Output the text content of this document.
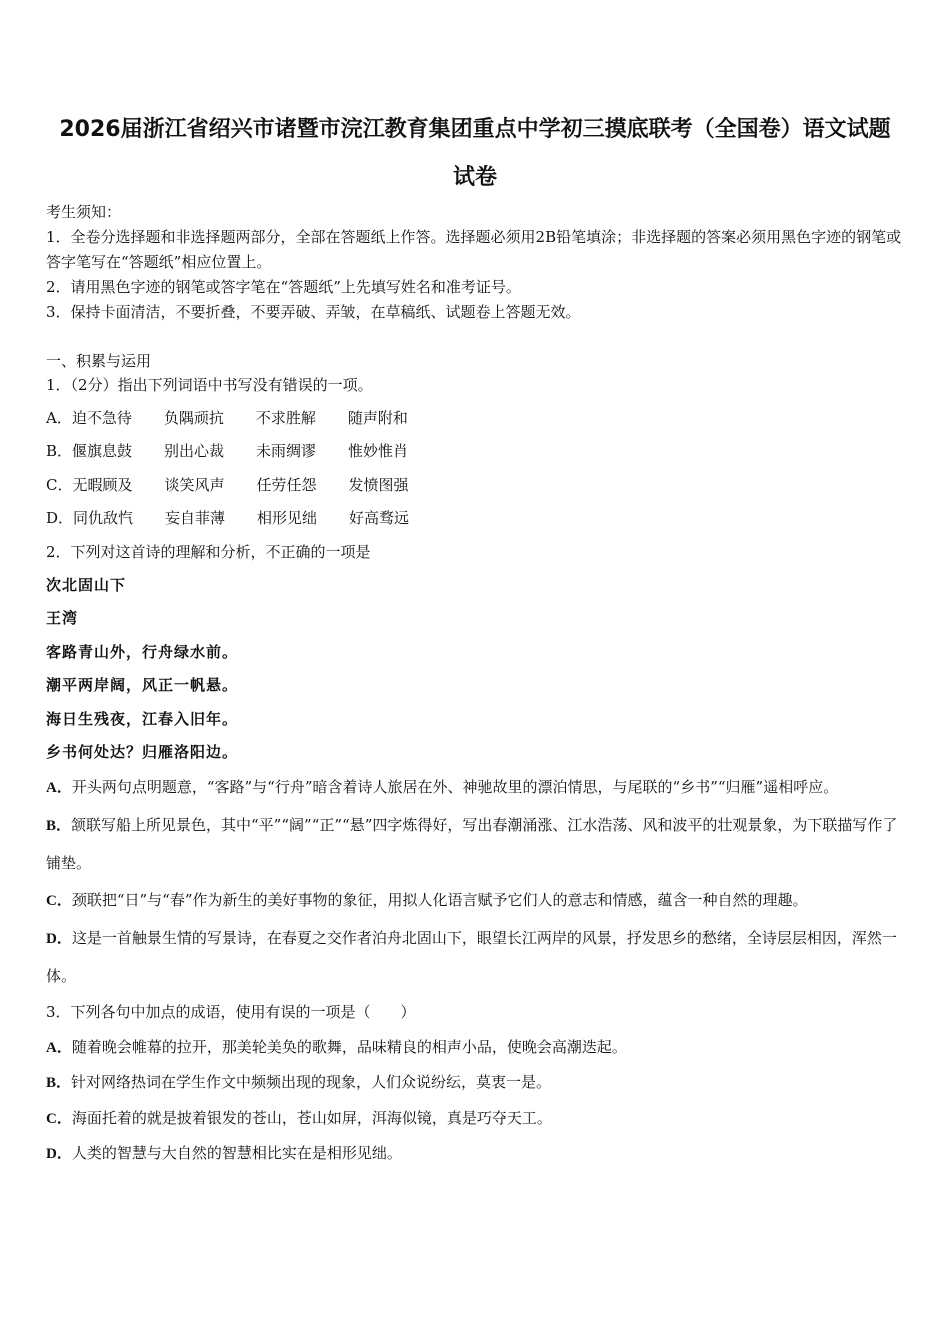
2026届浙江省绍兴市诸暨市浣江教育集团重点中学初三摸底联考（全国卷）语文试题
试卷

考生须知：

1．全卷分选择题和非选择题两部分，全部在答题纸上作答。选择题必须用2B铅笔填涂；非选择题的答案必须用黑色字迹的钢笔或答字笔写在“答题纸”相应位置上。

2．请用黑色字迹的钢笔或答字笔在“答题纸”上先填写姓名和准考证号。

3．保持卡面清洁，不要折叠，不要弄破、弄皱，在草稿纸、试题卷上答题无效。

一、积累与运用

1．（2分）指出下列词语中书写没有错误的一项。

A．迫不急待 负隅顽抗 不求胜解 随声附和

B．偃旗息鼓 别出心裁 未雨绸谬 惟妙惟肖

C．无暇顾及 谈笑风声 任劳任怨 发愤图强

D．同仇敌忾 妄自菲薄 相形见绌 好高骛远

2．下列对这首诗的理解和分析，不正确的一项是

次北固山下

王湾

客路青山外，行舟绿水前。

潮平两岸阔，风正一帆悬。

海日生残夜，江春入旧年。

乡书何处达？归雁洛阳边。

A．开头两句点明题意，“客路”与“行舟”暗含着诗人旅居在外、神驰故里的漂泊情思，与尾联的“乡书”“归雁”遥相呼应。

B．颔联写船上所见景色，其中“平”“阔”“正”“悬”四字炼得好，写出春潮涌涨、江水浩荡、风和波平的壮观景象，为下联描写作了铺垫。

C．颈联把“日”与“春”作为新生的美好事物的象征，用拟人化语言赋予它们人的意志和情感，蕴含一种自然的理趣。

D．这是一首触景生情的写景诗，在春夏之交作者泊舟北固山下，眼望长江两岸的风景，抒发思乡的愁绪，全诗层层相因，浑然一体。

3．下列各句中加点的成语，使用有误的一项是（　　）

A．随着晚会帷幕的拉开，那美轮美奂的歌舞，品味精良的相声小品，使晚会高潮迭起。

B．针对网络热词在学生作文中频频出现的现象，人们众说纷纭，莫衷一是。

C．海面托着的就是披着银发的苍山，苍山如屏，洱海似镜，真是巧夺天工。

D．人类的智慧与大自然的智慧相比实在是相形见绌。
